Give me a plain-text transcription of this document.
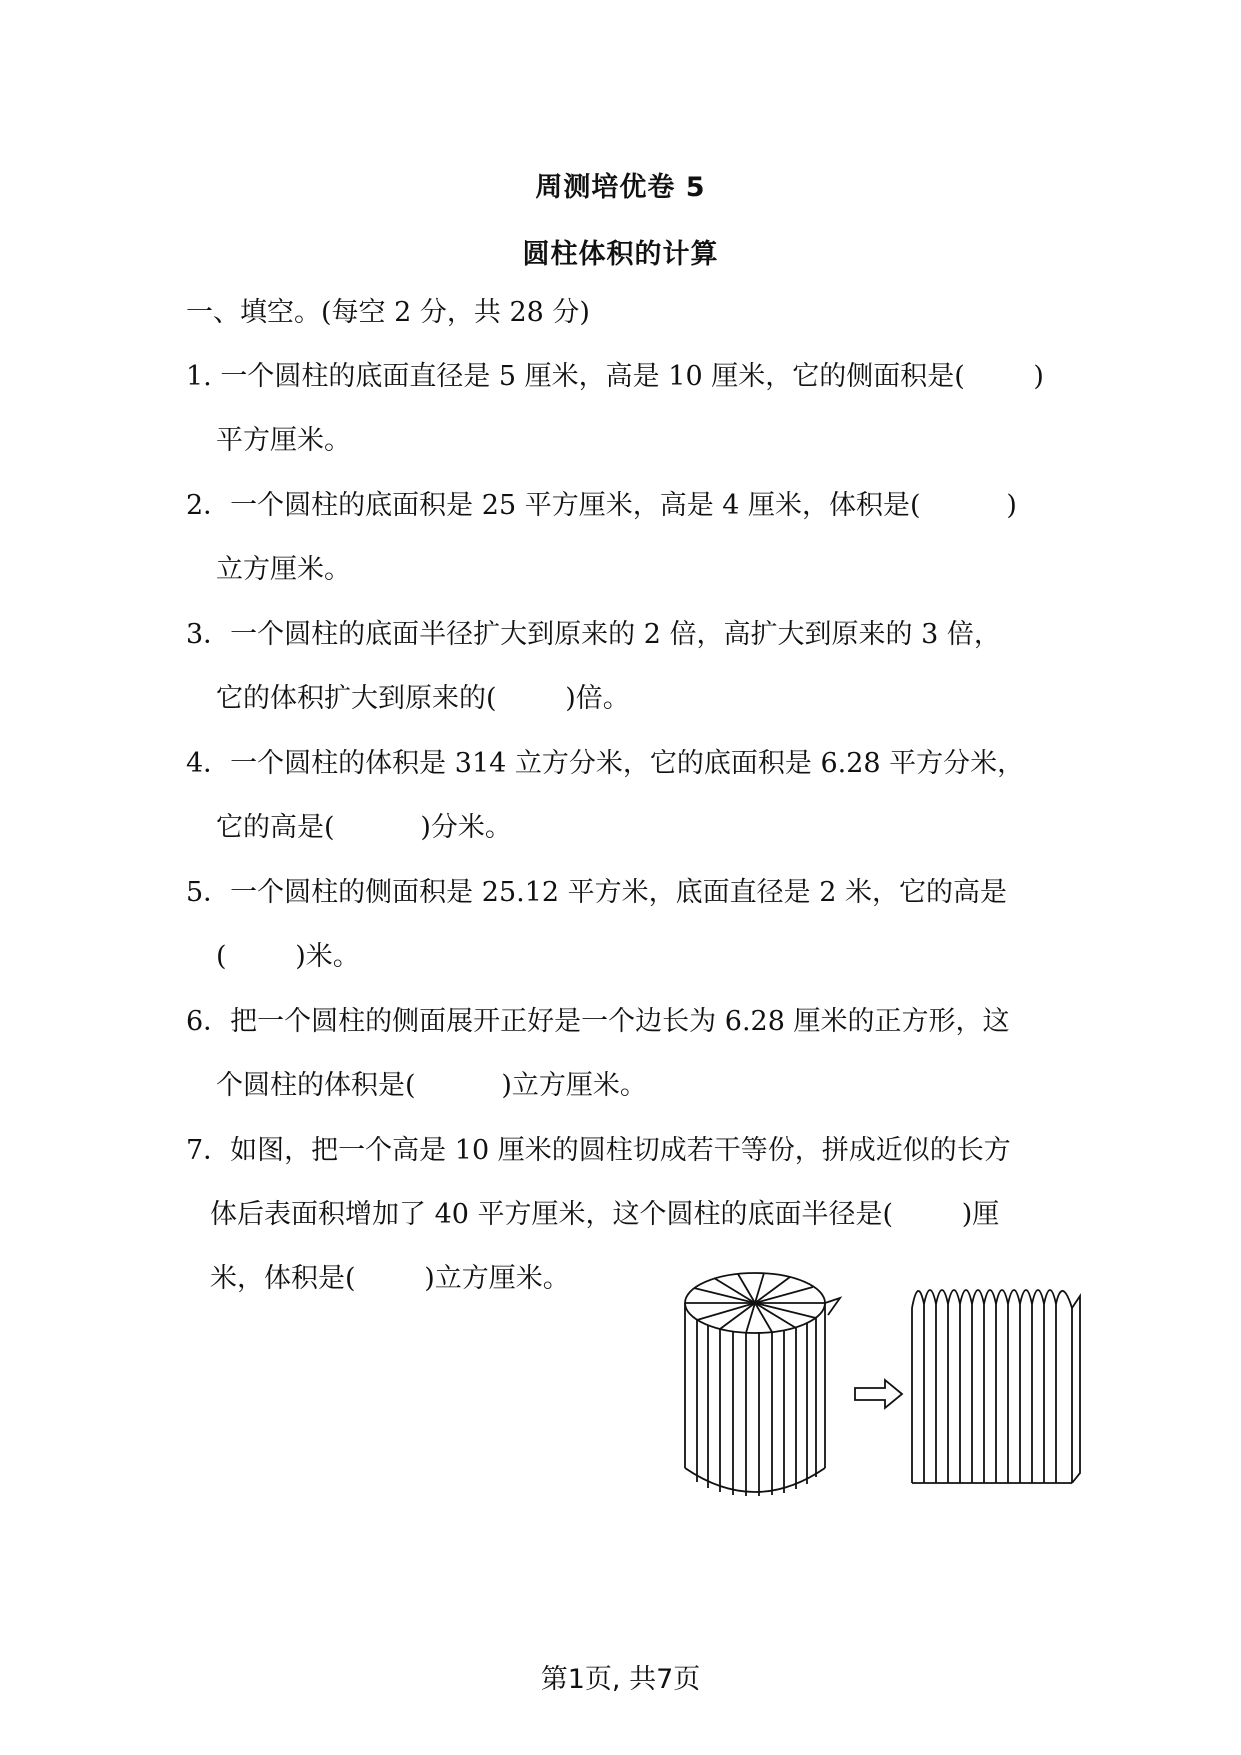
周测培优卷 5
圆柱体积的计算
一、填空。(每空 2 分，共 28 分)
1. 一个圆柱的底面直径是 5 厘米，高是 10 厘米，它的侧面积是(        )
平方厘米。
2．一个圆柱的底面积是 25 平方厘米，高是 4 厘米，体积是(          )
立方厘米。
3．一个圆柱的底面半径扩大到原来的 2 倍，高扩大到原来的 3 倍，
它的体积扩大到原来的(        )倍。
4．一个圆柱的体积是 314 立方分米，它的底面积是 6.28 平方分米，
它的高是(          )分米。
5．一个圆柱的侧面积是 25.12 平方米，底面直径是 2 米，它的高是
(        )米。
6．把一个圆柱的侧面展开正好是一个边长为 6.28 厘米的正方形，这
个圆柱的体积是(          )立方厘米。
7．如图，把一个高是 10 厘米的圆柱切成若干等份，拼成近似的长方
体后表面积增加了 40 平方厘米，这个圆柱的底面半径是(        )厘
米，体积是(        )立方厘米。
第1页, 共7页
